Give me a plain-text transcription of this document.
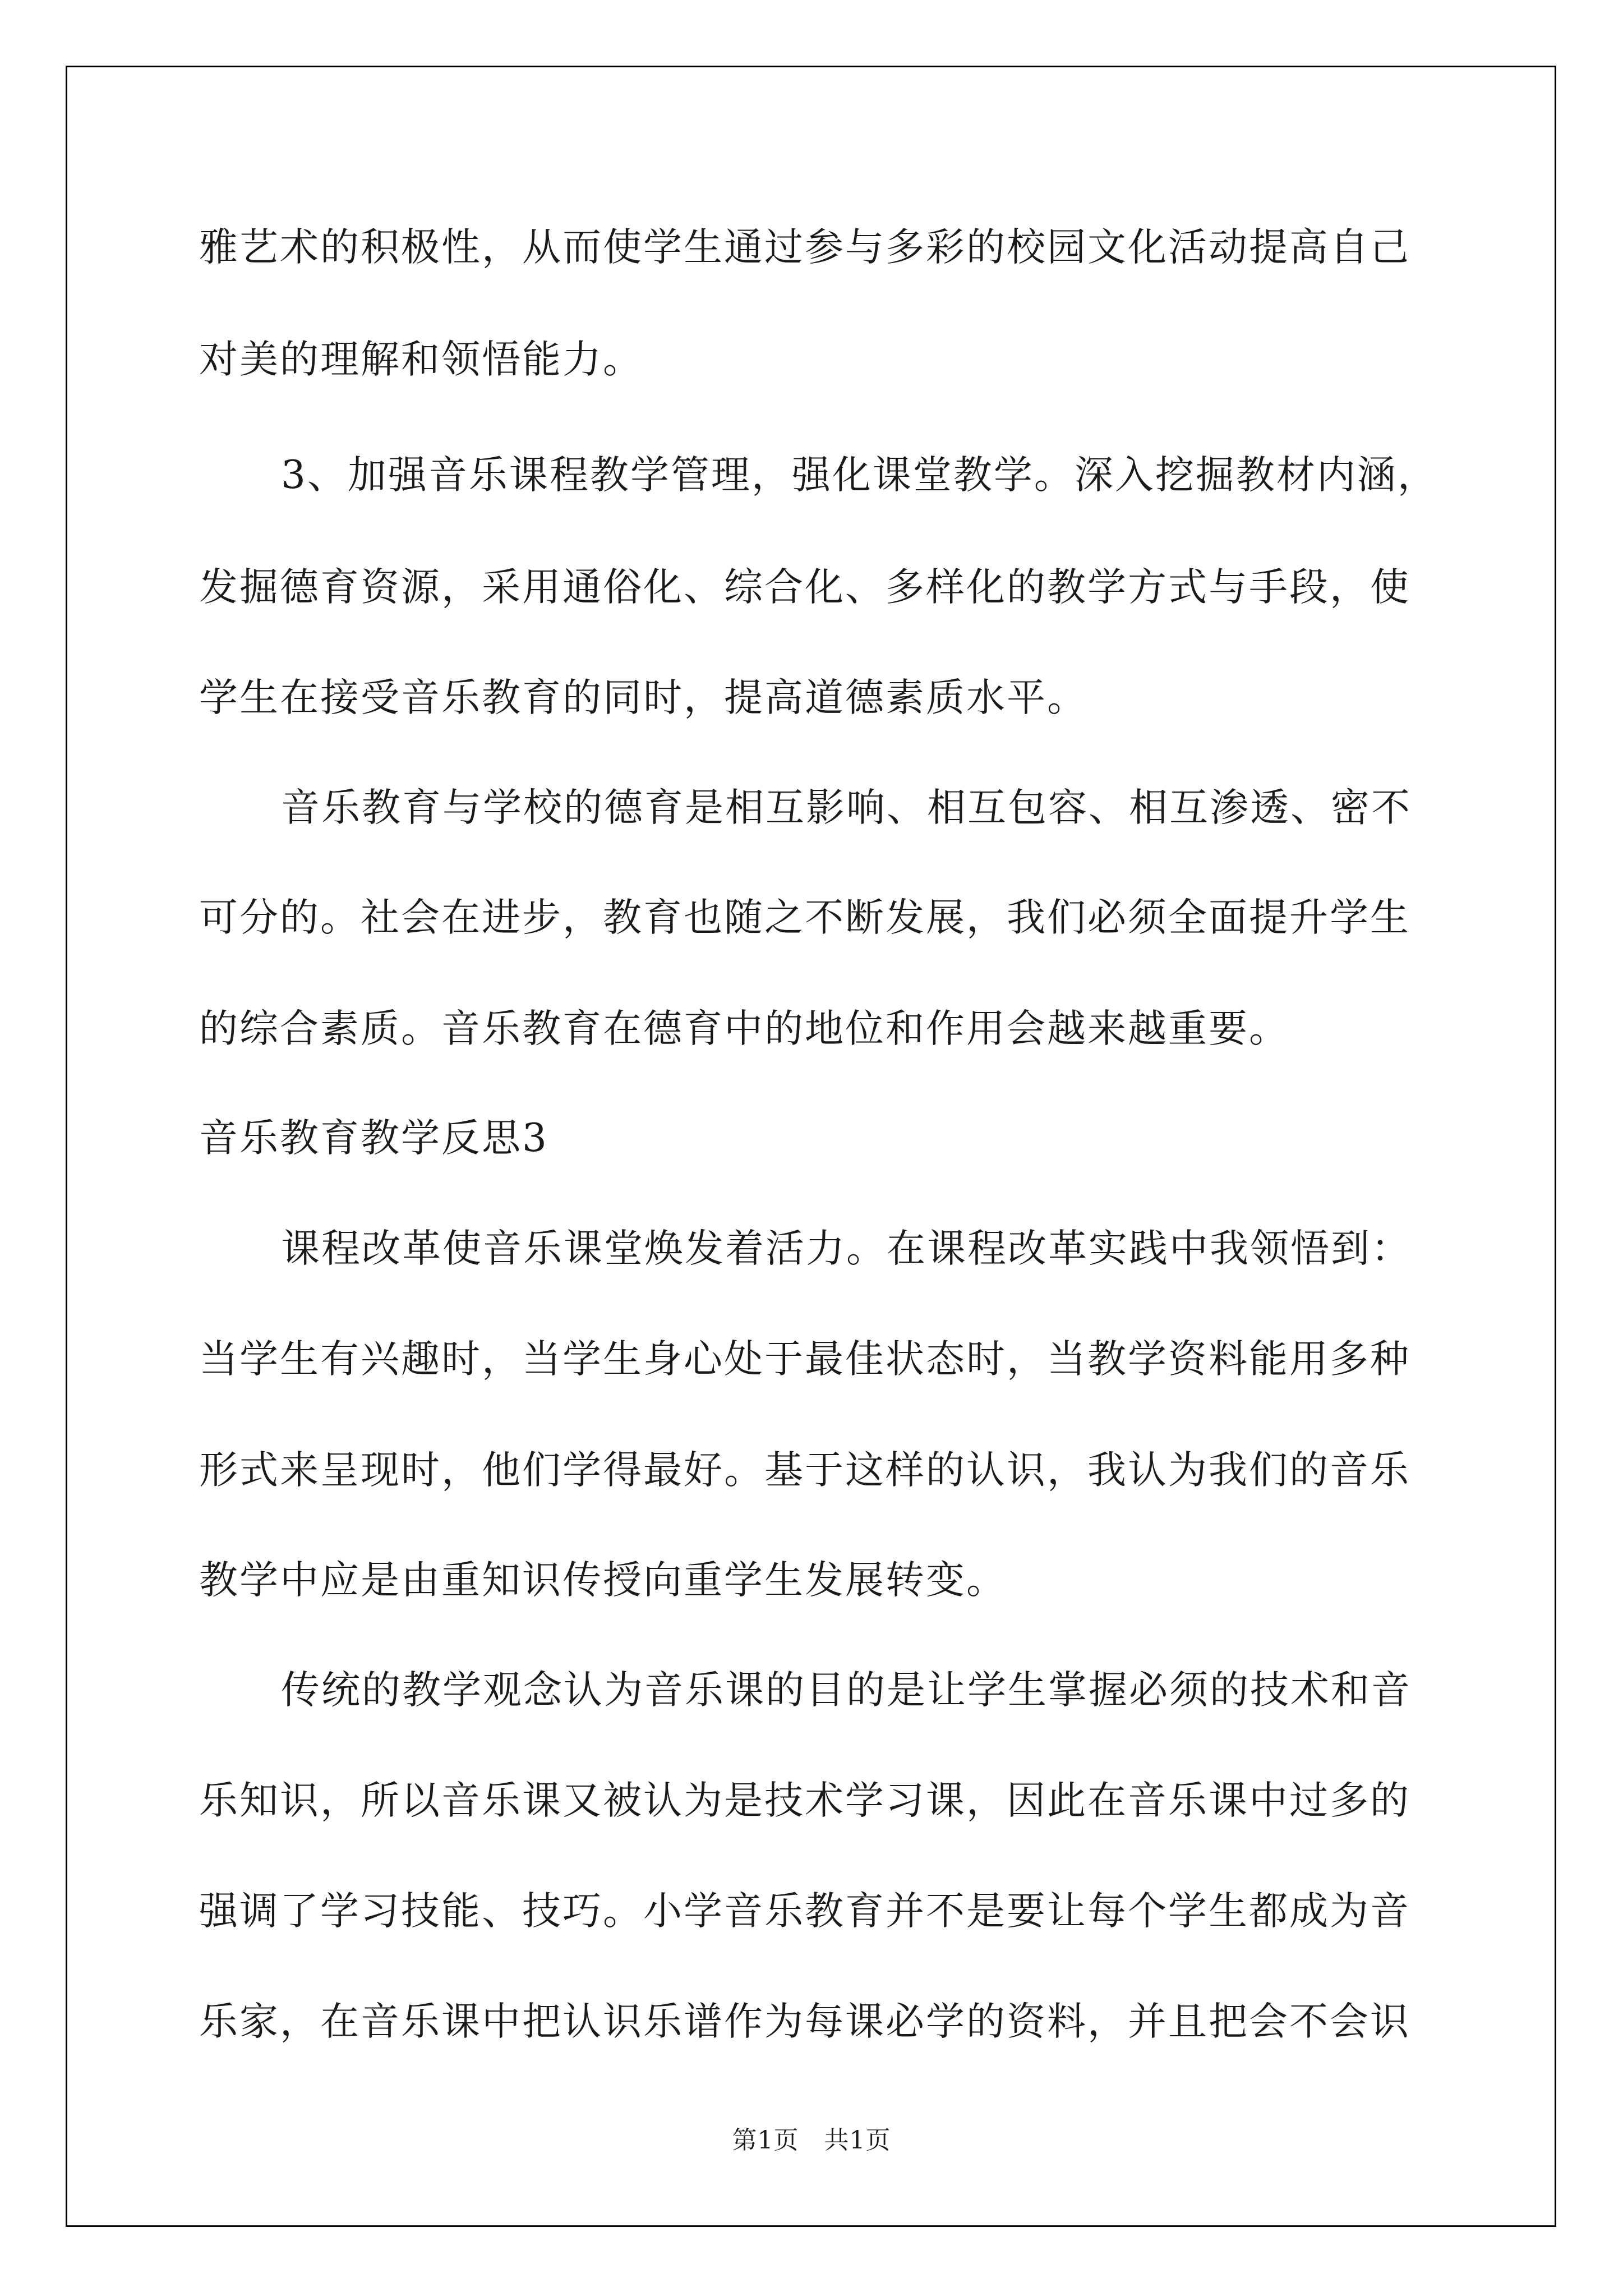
雅艺术的积极性，从而使学生通过参与多彩的校园文化活动提高自己
对美的理解和领悟能力。
3、加强音乐课程教学管理，强化课堂教学。深入挖掘教材内涵，
发掘德育资源，采用通俗化、综合化、多样化的教学方式与手段，使
学生在接受音乐教育的同时，提高道德素质水平。
音乐教育与学校的德育是相互影响、相互包容、相互渗透、密不
可分的。社会在进步，教育也随之不断发展，我们必须全面提升学生
的综合素质。音乐教育在德育中的地位和作用会越来越重要。
音乐教育教学反思3
课程改革使音乐课堂焕发着活力。在课程改革实践中我领悟到：
当学生有兴趣时，当学生身心处于最佳状态时，当教学资料能用多种
形式来呈现时，他们学得最好。基于这样的认识，我认为我们的音乐
教学中应是由重知识传授向重学生发展转变。
传统的教学观念认为音乐课的目的是让学生掌握必须的技术和音
乐知识，所以音乐课又被认为是技术学习课，因此在音乐课中过多的
强调了学习技能、技巧。小学音乐教育并不是要让每个学生都成为音
乐家，在音乐课中把认识乐谱作为每课必学的资料，并且把会不会识
第1页　共1页
